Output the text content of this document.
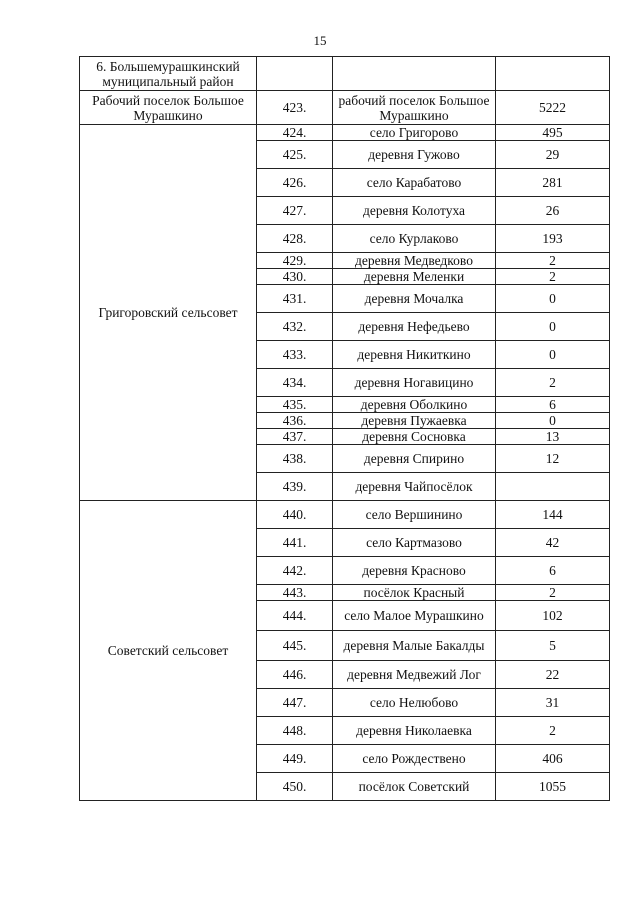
15
6. Большемурашкинский муниципальный район			
Рабочий поселок Большое Мурашкино	423.	рабочий поселок Большое Мурашкино	5222
Григоровский сельсовет	424.	село Григорово	495
	425.	деревня Гужово	29
	426.	село Карабатово	281
	427.	деревня Колотуха	26
	428.	село Курлаково	193
	429.	деревня Медведково	2
	430.	деревня Меленки	2
	431.	деревня Мочалка	0
	432.	деревня Нефедьево	0
	433.	деревня Никиткино	0
	434.	деревня Ногавицино	2
	435.	деревня Оболкино	6
	436.	деревня Пужаевка	0
	437.	деревня Сосновка	13
	438.	деревня Спирино	12
	439.	деревня Чайпосёлок	
Советский сельсовет	440.	село Вершинино	144
	441.	село Картмазово	42
	442.	деревня Красново	6
	443.	посёлок Красный	2
	444.	село Малое Мурашкино	102
	445.	деревня Малые Бакалды	5
	446.	деревня Медвежий Лог	22
	447.	село Нелюбово	31
	448.	деревня Николаевка	2
	449.	село Рождествено	406
	450.	посёлок Советский	1055
